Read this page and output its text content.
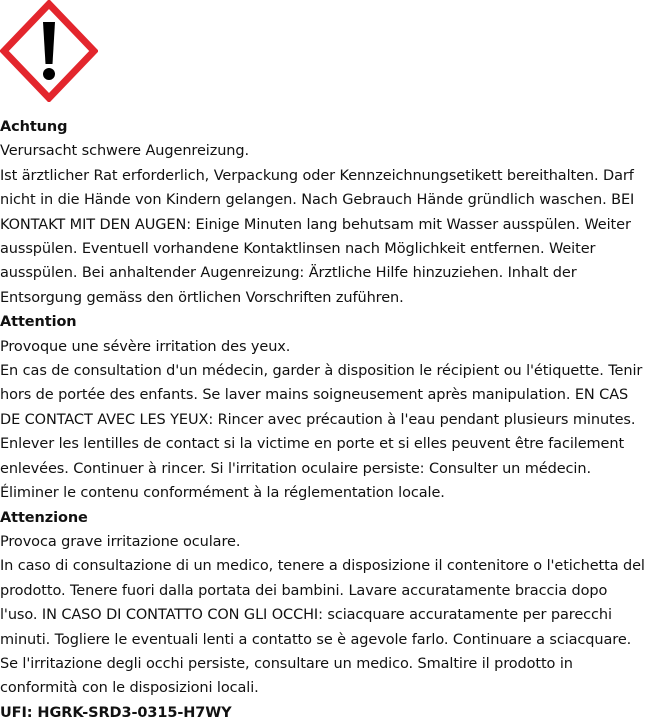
Achtung
Verursacht schwere Augenreizung.
Ist ärztlicher Rat erforderlich, Verpackung oder Kennzeichnungsetikett bereithalten. Darf nicht in die Hände von Kindern gelangen. Nach Gebrauch Hände gründlich waschen. BEI KONTAKT MIT DEN AUGEN: Einige Minuten lang behutsam mit Wasser ausspülen. Weiter ausspülen. Eventuell vorhandene Kontaktlinsen nach Möglichkeit entfernen. Weiter ausspülen. Bei anhaltender Augenreizung: Ärztliche Hilfe hinzuziehen. Inhalt der Entsorgung gemäss den örtlichen Vorschriften zuführen.
Attention
Provoque une sévère irritation des yeux.
En cas de consultation d'un médecin, garder à disposition le récipient ou l'étiquette. Tenir hors de portée des enfants. Se laver mains soigneusement après manipulation. EN CAS DE CONTACT AVEC LES YEUX: Rincer avec précaution à l'eau pendant plusieurs minutes. Enlever les lentilles de contact si la victime en porte et si elles peuvent être facilement enlevées. Continuer à rincer. Si l'irritation oculaire persiste: Consulter un médecin. Éliminer le contenu conformément à la réglementation locale.
Attenzione
Provoca grave irritazione oculare.
In caso di consultazione di un medico, tenere a disposizione il contenitore o l'etichetta del prodotto. Tenere fuori dalla portata dei bambini. Lavare accuratamente braccia dopo l'uso. IN CASO DI CONTATTO CON GLI OCCHI: sciacquare accuratamente per parecchi minuti. Togliere le eventuali lenti a contatto se è agevole farlo. Continuare a sciacquare. Se l'irritazione degli occhi persiste, consultare un medico. Smaltire il prodotto in conformità con le disposizioni locali.
UFI: HGRK-SRD3-0315-H7WY
